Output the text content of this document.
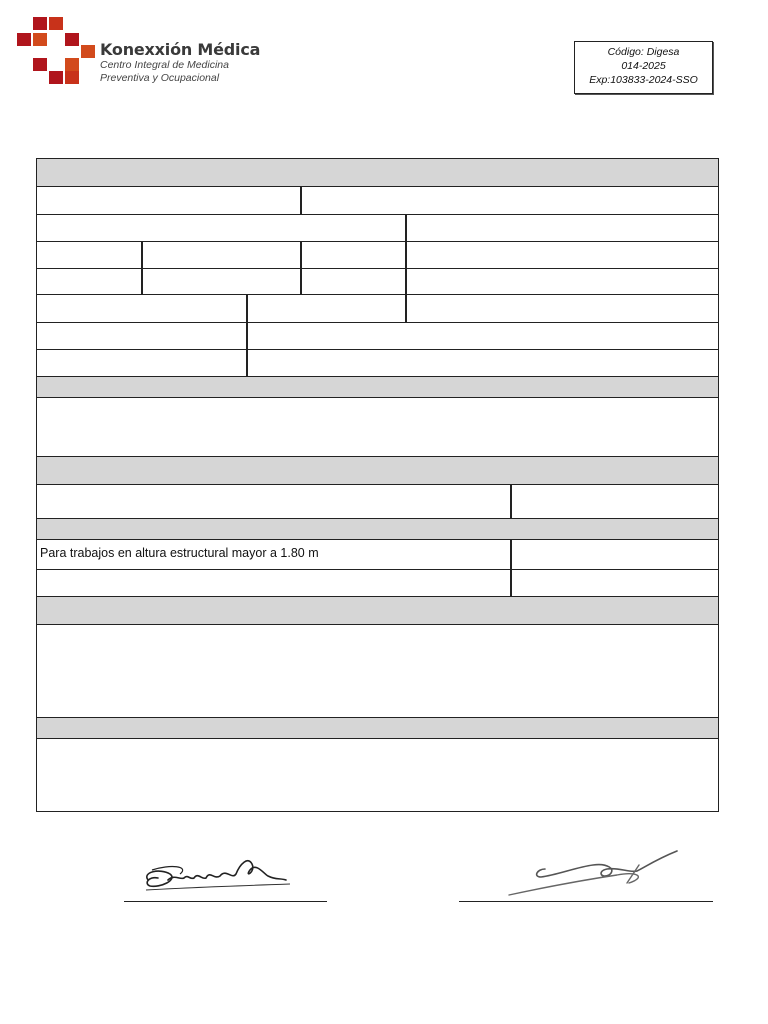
Konexxión Médica
Centro Integral de Medicina
Preventiva y Ocupacional
Código: Digesa
014-2025
Exp:103833-2024-SSO
Para trabajos en altura estructural mayor a 1.80 m
